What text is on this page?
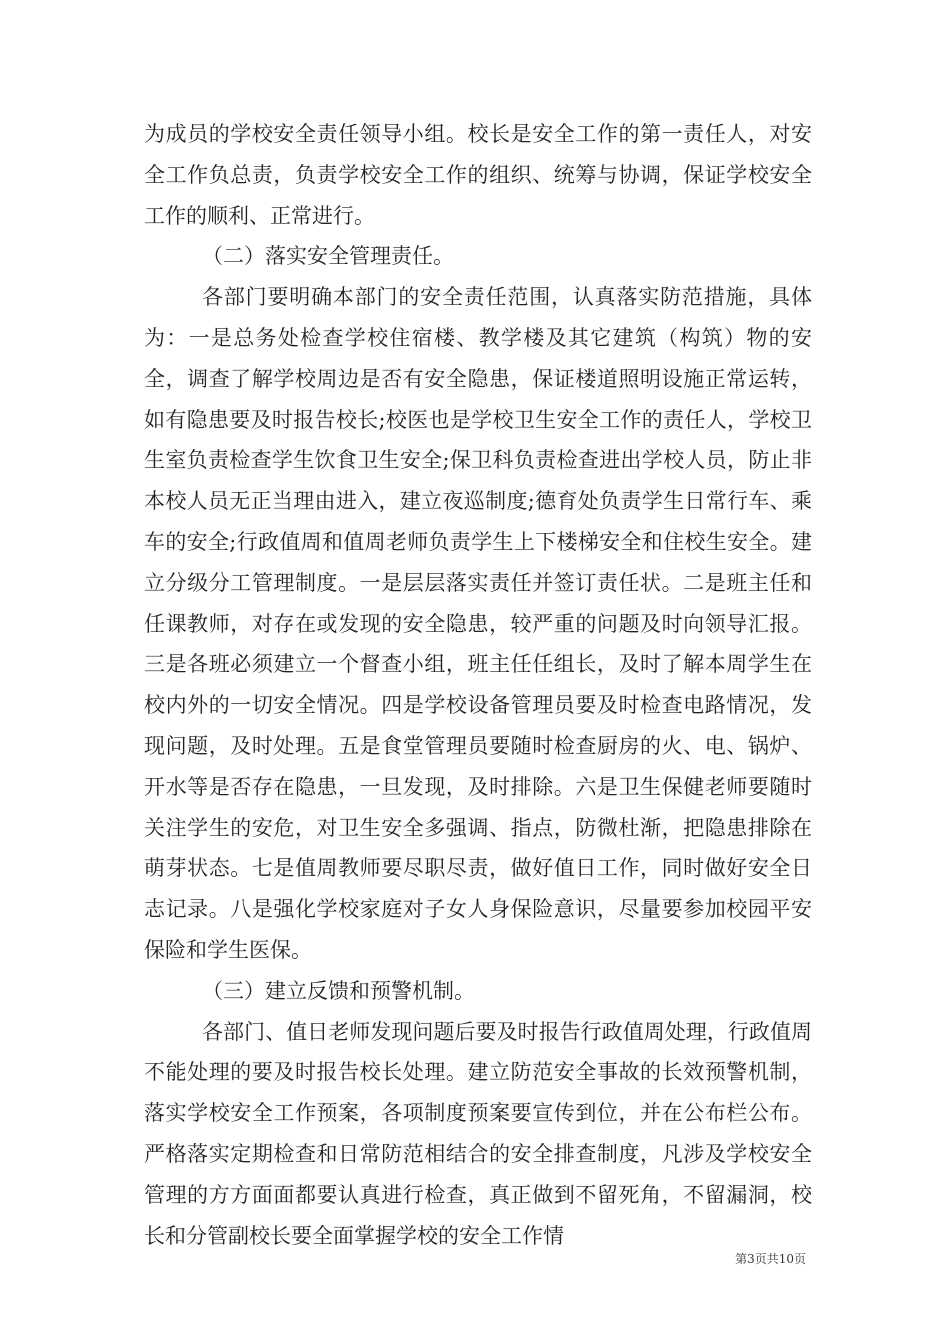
为成员的学校安全责任领导小组。校长是安全工作的第一责任人，对安全工作负总责，负责学校安全工作的组织、统筹与协调，保证学校安全工作的顺利、正常进行。

（二）落实安全管理责任。

各部门要明确本部门的安全责任范围，认真落实防范措施，具体为：一是总务处检查学校住宿楼、教学楼及其它建筑（构筑）物的安全，调查了解学校周边是否有安全隐患，保证楼道照明设施正常运转，如有隐患要及时报告校长;校医也是学校卫生安全工作的责任人，学校卫生室负责检查学生饮食卫生安全;保卫科负责检查进出学校人员，防止非本校人员无正当理由进入，建立夜巡制度;德育处负责学生日常行车、乘车的安全;行政值周和值周老师负责学生上下楼梯安全和住校生安全。建立分级分工管理制度。一是层层落实责任并签订责任状。二是班主任和任课教师，对存在或发现的安全隐患，较严重的问题及时向领导汇报。三是各班必须建立一个督查小组，班主任任组长，及时了解本周学生在校内外的一切安全情况。四是学校设备管理员要及时检查电路情况，发现问题，及时处理。五是食堂管理员要随时检查厨房的火、电、锅炉、开水等是否存在隐患，一旦发现，及时排除。六是卫生保健老师要随时关注学生的安危，对卫生安全多强调、指点，防微杜渐，把隐患排除在萌芽状态。七是值周教师要尽职尽责，做好值日工作，同时做好安全日志记录。八是强化学校家庭对子女人身保险意识，尽量要参加校园平安保险和学生医保。

（三）建立反馈和预警机制。

各部门、值日老师发现问题后要及时报告行政值周处理，行政值周不能处理的要及时报告校长处理。建立防范安全事故的长效预警机制，落实学校安全工作预案，各项制度预案要宣传到位，并在公布栏公布。严格落实定期检查和日常防范相结合的安全排查制度，凡涉及学校安全管理的方方面面都要认真进行检查，真正做到不留死角，不留漏洞，校长和分管副校长要全面掌握学校的安全工作情

第3页共10页
